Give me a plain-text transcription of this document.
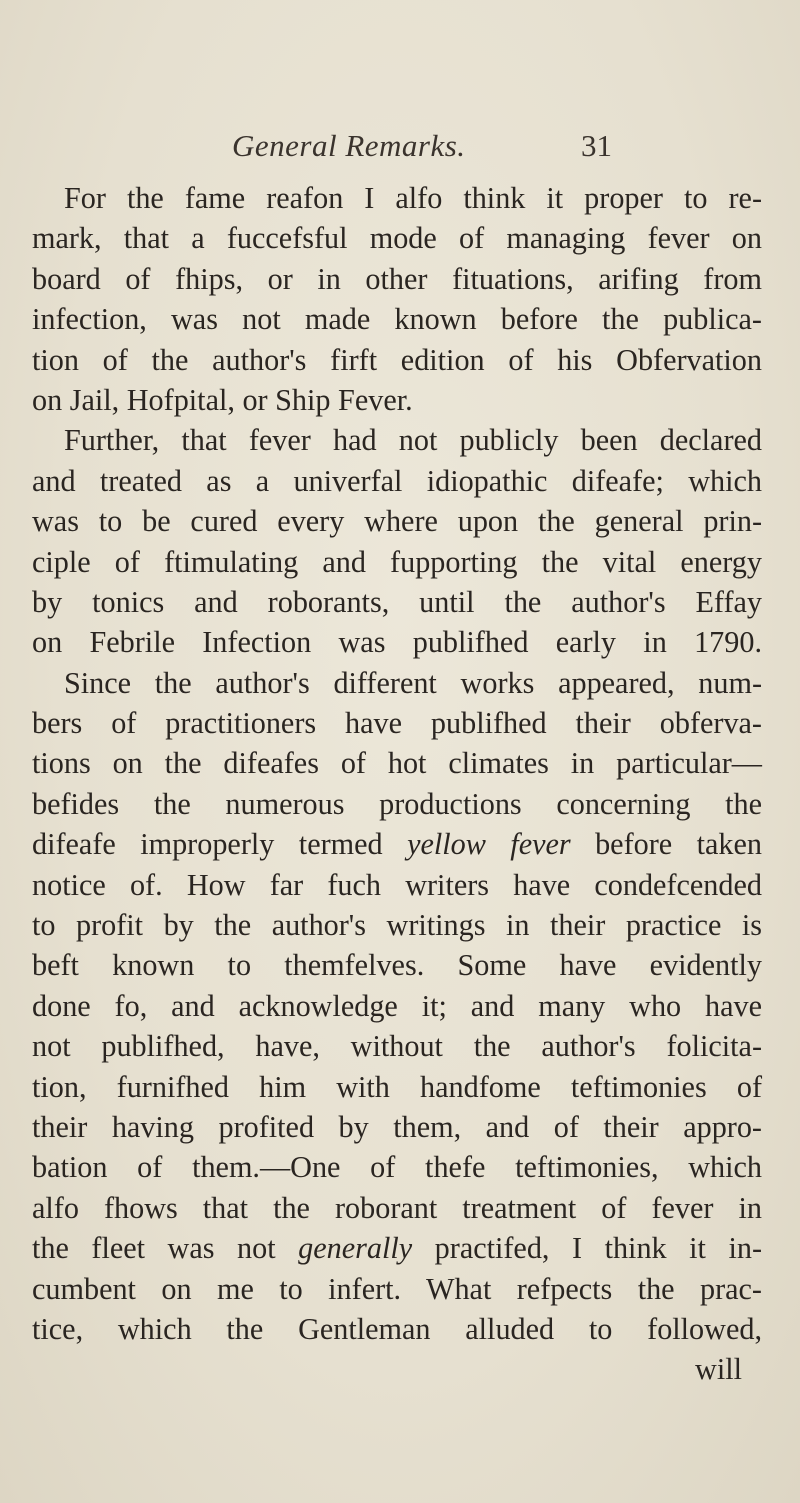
General Remarks.	31
For the fame reafon I alfo think it proper to re-
mark, that a fuccefsful mode of managing fever on
board of fhips, or in other fituations, arifing from
infection, was not made known before the publica-
tion of the author's firft edition of his Obfervation
on Jail, Hofpital, or Ship Fever.
Further, that fever had not publicly been declared
and treated as a univerfal idiopathic difeafe; which
was to be cured every where upon the general prin-
ciple of ftimulating and fupporting the vital energy
by tonics and roborants, until the author's Effay
on Febrile Infection was publifhed early in 1790.
Since the author's different works appeared, num-
bers of practitioners have publifhed their obferva-
tions on the difeafes of hot climates in particular—
befides the numerous productions concerning the
difeafe improperly termed yellow fever before taken
notice of. How far fuch writers have condefcended
to profit by the author's writings in their practice is
beft known to themfelves. Some have evidently
done fo, and acknowledge it; and many who have
not publifhed, have, without the author's folicita-
tion, furnifhed him with handfome teftimonies of
their having profited by them, and of their appro-
bation of them.—One of thefe teftimonies, which
alfo fhows that the roborant treatment of fever in
the fleet was not generally practifed, I think it in-
cumbent on me to infert. What refpects the prac-
tice, which the Gentleman alluded to followed,
will
